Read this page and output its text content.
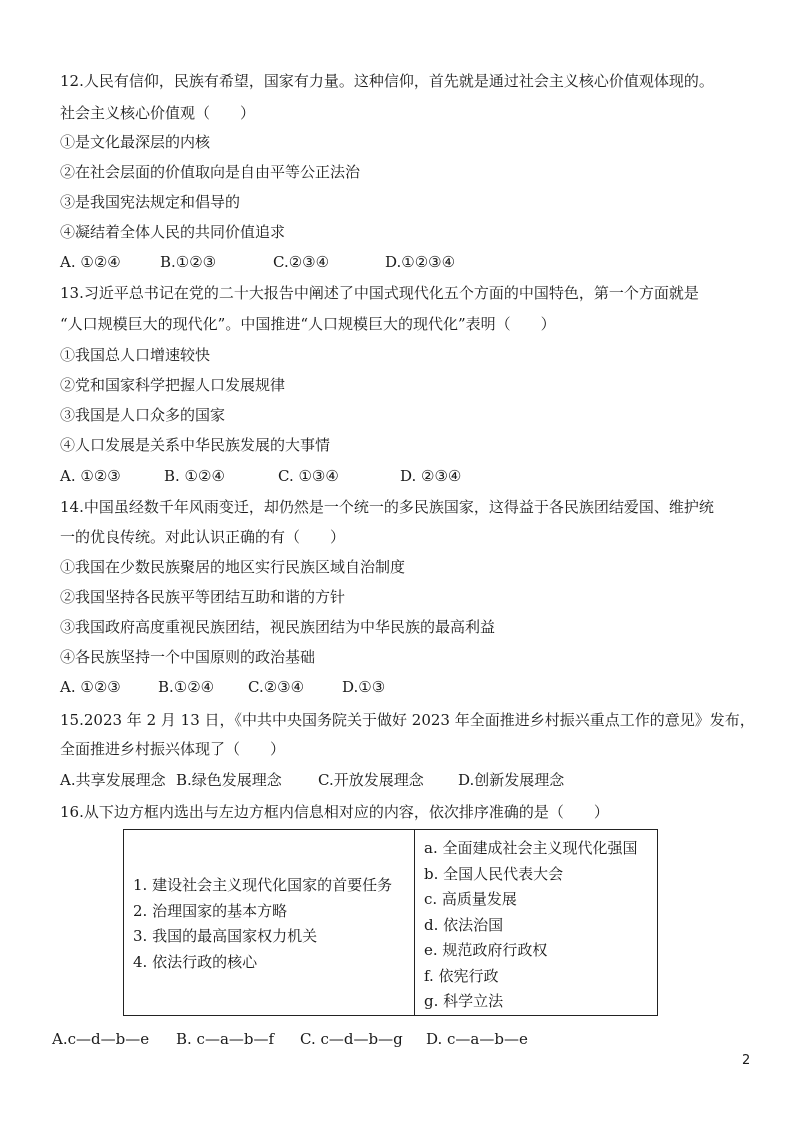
12.人民有信仰，民族有希望，国家有力量。这种信仰，首先就是通过社会主义核心价值观体现的。
社会主义核心价值观（　　）
①是文化最深层的内核
②在社会层面的价值取向是自由平等公正法治
③是我国宪法规定和倡导的
④凝结着全体人民的共同价值追求
A. ①②④	B.①②③	C.②③④	D.①②③④
13.习近平总书记在党的二十大报告中阐述了中国式现代化五个方面的中国特色，第一个方面就是
“人口规模巨大的现代化”。中国推进“人口规模巨大的现代化”表明（　　）
①我国总人口增速较快
②党和国家科学把握人口发展规律
③我国是人口众多的国家
④人口发展是关系中华民族发展的大事情
A. ①②③	B. ①②④	C. ①③④	D. ②③④
14.中国虽经数千年风雨变迁，却仍然是一个统一的多民族国家，这得益于各民族团结爱国、维护统
一的优良传统。对此认识正确的有（　　）
①我国在少数民族聚居的地区实行民族区域自治制度
②我国坚持各民族平等团结互助和谐的方针
③我国政府高度重视民族团结，视民族团结为中华民族的最高利益
④各民族坚持一个中国原则的政治基础
A. ①②③ B.①②④ C.②③④	D.①③
15.2023 年 2 月 13 日，《中共中央国务院关于做好 2023 年全面推进乡村振兴重点工作的意见》发布，
全面推进乡村振兴体现了（　　）
A.共享发展理念 B.绿色发展理念 C.开放发展理念 D.创新发展理念
16.从下边方框内选出与左边方框内信息相对应的内容，依次排序准确的是（　　）
1. 建设社会主义现代化国家的首要任务
2. 治理国家的基本方略
3. 我国的最高国家权力机关
4. 依法行政的核心
a. 全面建成社会主义现代化强国
b. 全国人民代表大会
c. 高质量发展
d. 依法治国
e. 规范政府行政权
f. 依宪行政
g. 科学立法
A.c—d—b—e B. c—a—b—f C. c—d—b—g D. c—a—b—e
2
